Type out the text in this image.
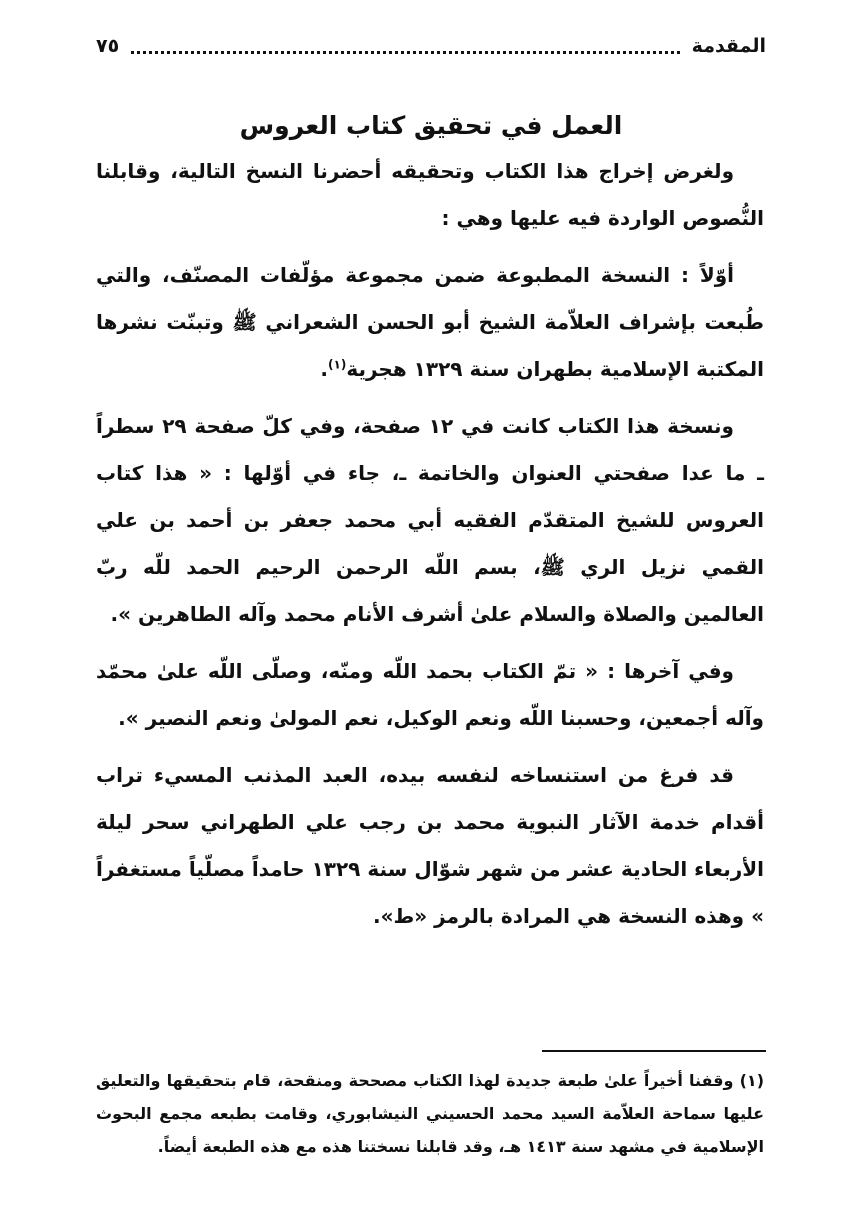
المقدمة
٧٥
العمل في تحقيق كتاب العروس

ولغرض إخراج هذا الكتاب وتحقيقه أحضرنا النسخ التالية، وقابلنا النُّصوص الواردة فيه عليها وهي :

أوّلاً : النسخة المطبوعة ضمن مجموعة مؤلّفات المصنّف، والتي طُبعت بإشراف العلاّمة الشيخ أبو الحسن الشعراني ﷺ وتبنّت نشرها المكتبة الإسلامية بطهران سنة ١٣٢٩ هجرية$^{(١)}$.

ونسخة هذا الكتاب كانت في ١٢ صفحة، وفي كلّ صفحة ٢٩ سطراً ـ ما عدا صفحتي العنوان والخاتمة ـ، جاء في أوّلها : « هذا كتاب العروس للشيخ المتقدّم الفقيه أبي محمد جعفر بن أحمد بن علي القمي نزيل الري ﷺ، بسم اللّه الرحمن الرحيم الحمد للّه ربّ العالمين والصلاة والسلام علىٰ أشرف الأنام محمد وآله الطاهرين ».

وفي آخرها : « تمّ الكتاب بحمد اللّه ومنّه، وصلّى اللّه علىٰ محمّد وآله أجمعين، وحسبنا اللّه ونعم الوكيل، نعم المولىٰ ونعم النصير ».

قد فرغ من استنساخه لنفسه بيده، العبد المذنب المسيء تراب أقدام خدمة الآثار النبوية محمد بن رجب علي الطهراني سحر ليلة الأربعاء الحادية عشر من شهر شوّال سنة ١٣٢٩ حامداً مصلّياً مستغفراً » وهذه النسخة هي المرادة بالرمز «ط».

(١) وقفنا أخيراً علىٰ طبعة جديدة لهذا الكتاب مصححة ومنقحة، قام بتحقيقها والتعليق عليها سماحة العلاّمة السيد محمد الحسيني النيشابوري، وقامت بطبعه مجمع البحوث الإسلامية في مشهد سنة ١٤١٣ هـ، وقد قابلنا نسختنا هذه مع هذه الطبعة أيضاً.
